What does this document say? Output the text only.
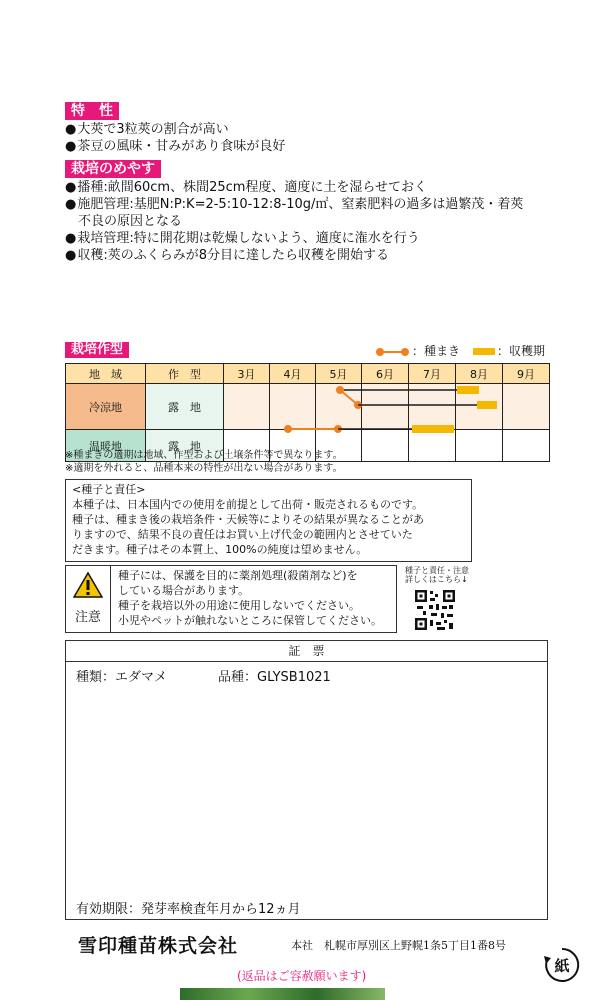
特　性
● 大莢で3粒莢の割合が高い
● 茶豆の風味・甘みがあり食味が良好
栽培のめやす
● 播種:畝間60cm、株間25cm程度、適度に土を湿らせておく
● 施肥管理:基肥N:P:K=2-5:10-12:8-10g/㎡、窒素肥料の過多は過繁茂・着莢
不良の原因となる
● 栽培管理:特に開花期は乾燥しないよう、適度に潅水を行う
● 収穫:莢のふくらみが8分目に達したら収穫を開始する
栽培作型	：種まき	：収穫期
地　域	作　型	3月	4月	5月	6月	7月	8月	9月
冷涼地	露　地							
温暖地	露　地							
※種まきの適期は地域、作型および土壌条件等で異なります。
※適期を外れると、品種本来の特性が出ない場合があります。
<種子と責任>
本種子は、日本国内での使用を前提として出荷・販売されるものです。
種子は、種まき後の栽培条件・天候等によりその結果が異なることがあ
りますので、結果不良の責任はお買い上げ代金の範囲内とさせていた
だきます。種子はその本質上、100%の純度は望めません。
注意
種子には、保護を目的に薬剤処理(殺菌剤など)を
している場合があります。
種子を栽培以外の用途に使用しないでください。
小児やペットが触れないところに保管してください。
種子と責任・注意
詳しくはこちら↓
証　票
種類：エダマメ	品種：GLYSB1021
有効期限：発芽率検査年月から12ヵ月
雪印種苗株式会社	本社　札幌市厚別区上野幌1条5丁目1番8号
(返品はご容赦願います)
紙
